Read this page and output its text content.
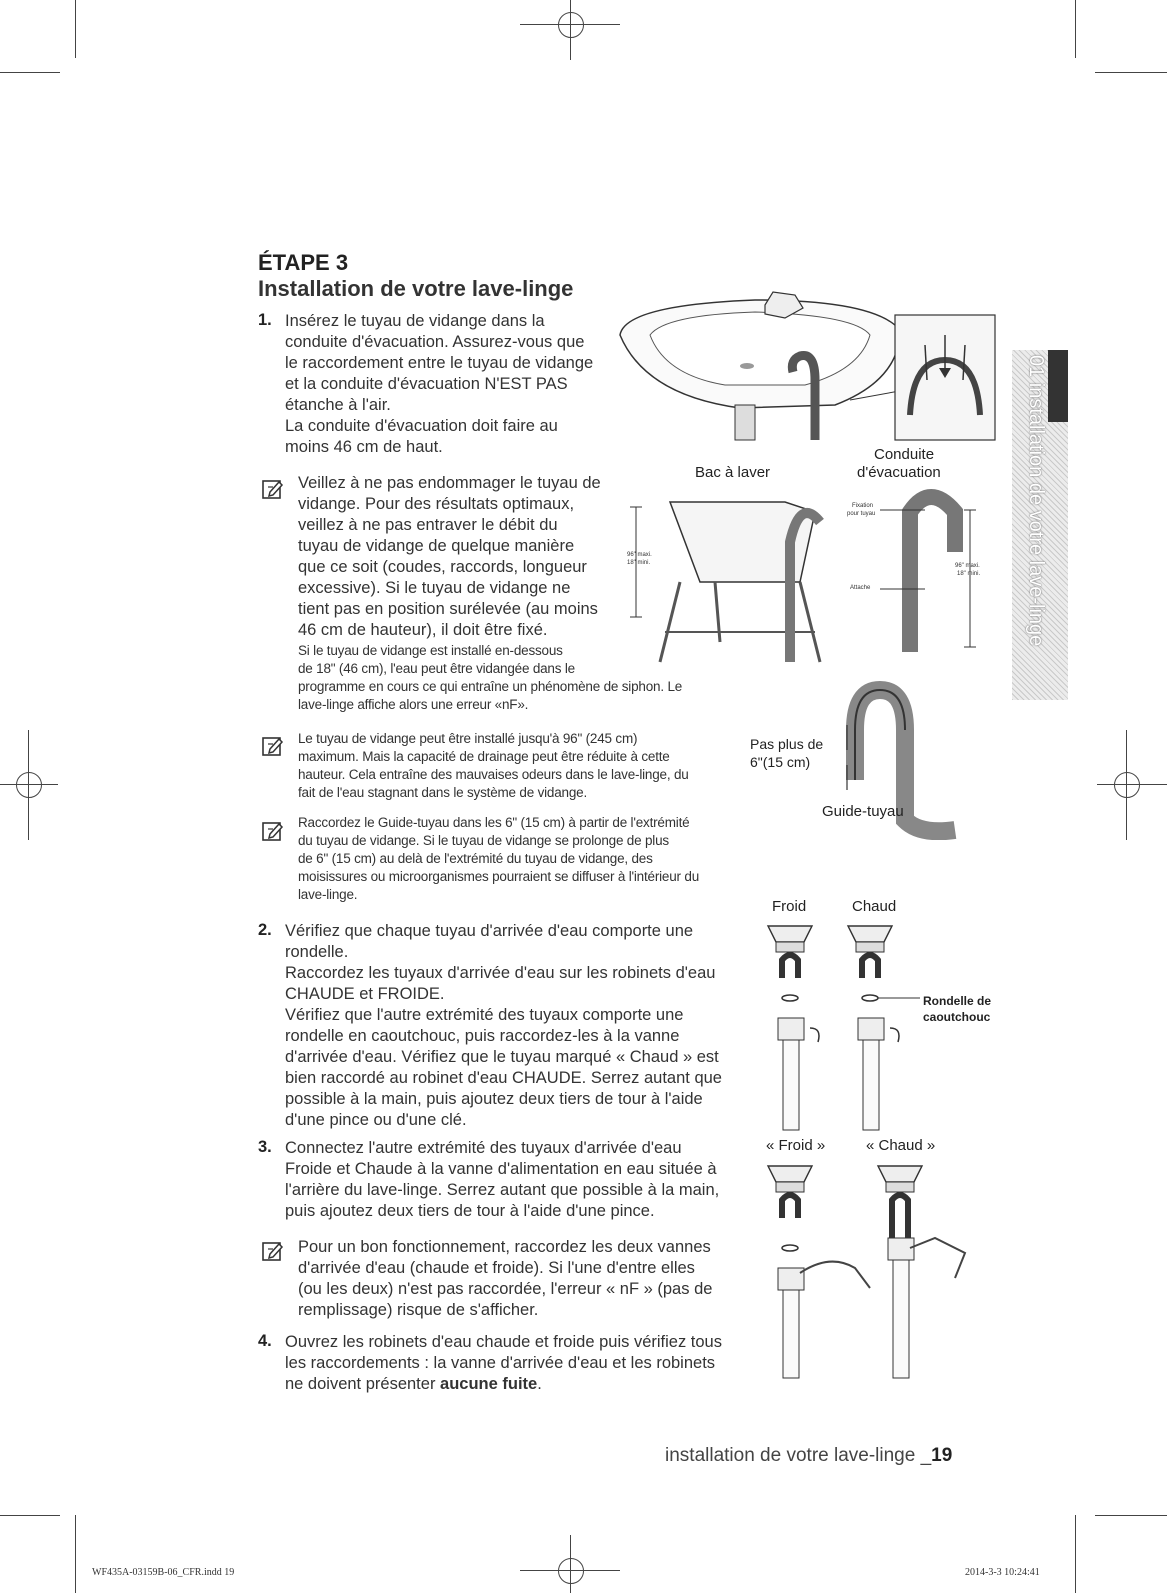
ÉTAPE 3
Installation de votre lave-linge
1. Insérez le tuyau de vidange dans la

conduite d'évacuation. Assurez-vous que

le raccordement entre le tuyau de vidange

et la conduite d'évacuation N'EST PAS

étanche à l'air.

La conduite d'évacuation doit faire au

moins 46 cm de haut.

Veillez à ne pas endommager le tuyau de

vidange. Pour des résultats optimaux,

veillez à ne pas entraver le débit du

tuyau de vidange de quelque manière

que ce soit (coudes, raccords, longueur

excessive). Si le tuyau de vidange ne

tient pas en position surélevée (au moins

46 cm de hauteur), il doit être fixé.

Si le tuyau de vidange est installé en-dessous

de 18" (46 cm), l'eau peut être vidangée dans le

programme en cours ce qui entraîne un phénomène de siphon. Le

lave-linge affiche alors une erreur «nF».

Le tuyau de vidange peut être installé jusqu'à 96" (245 cm)

maximum. Mais la capacité de drainage peut être réduite à cette

hauteur. Cela entraîne des mauvaises odeurs dans le lave-linge, du

fait de l'eau stagnant dans le système de vidange.

Raccordez le Guide-tuyau dans les 6" (15 cm) à partir de l'extrémité

du tuyau de vidange. Si le tuyau de vidange se prolonge de plus

de 6" (15 cm) au delà de l'extrémité du tuyau de vidange, des

moisissures ou microorganismes pourraient se diffuser à l'intérieur du

lave-linge.

2. Vérifiez que chaque tuyau d'arrivée d'eau comporte une

rondelle.

Raccordez les tuyaux d'arrivée d'eau sur les robinets d'eau

CHAUDE et FROIDE.

Vérifiez que l'autre extrémité des tuyaux comporte une

rondelle en caoutchouc, puis raccordez-les à la vanne

d'arrivée d'eau. Vérifiez que le tuyau marqué « Chaud » est

bien raccordé au robinet d'eau CHAUDE. Serrez autant que

possible à la main, puis ajoutez deux tiers de tour à l'aide

d'une pince ou d'une clé.

3. Connectez l'autre extrémité des tuyaux d'arrivée d'eau

Froide et Chaude à la vanne d'alimentation en eau située à

l'arrière du lave-linge. Serrez autant que possible à la main,

puis ajoutez deux tiers de tour à l'aide d'une pince.

Pour un bon fonctionnement, raccordez les deux vannes

d'arrivée d'eau (chaude et froide). Si l'une d'entre elles

(ou les deux) n'est pas raccordée, l'erreur « nF » (pas de

remplissage) risque de s'afficher.

4. Ouvrez les robinets d'eau chaude et froide puis vérifiez tous

les raccordements : la vanne d'arrivée d'eau et les robinets

ne doivent présenter aucune fuite.

Conduite
d'évacuation
Bac à laver
96" maxi.
18" mini.
Fixation
pour tuyau
Attache
96" maxi.
18" mini.
Pas plus de
6"(15 cm)
Guide-tuyau
Froid	Chaud
Rondelle de
caoutchouc
« Froid »	« Chaud »
01 installation de votre lave-linge
installation de votre lave-linge _19
WF435A-03159B-06_CFR.indd 19	2014-3-3 10:24:41
